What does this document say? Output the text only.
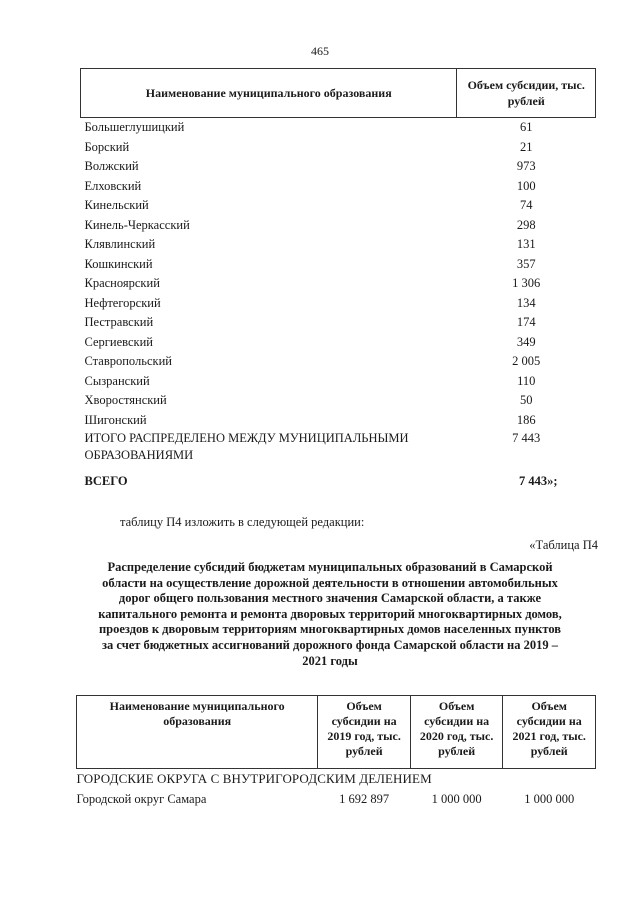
465
Наименование муниципального образования	Объем субсидии, тыс. рублей
Большеглушицкий	61
Борский	21
Волжский	973
Елховский	100
Кинельский	74
Кинель-Черкасский	298
Клявлинский	131
Кошкинский	357
Красноярский	1 306
Нефтегорский	134
Пестравский	174
Сергиевский	349
Ставропольский	2 005
Сызранский	110
Хворостянский	50
Шигонский	186
ИТОГО РАСПРЕДЕЛЕНО МЕЖДУ МУНИЦИПАЛЬНЫМИ ОБРАЗОВАНИЯМИ	7 443
ВСЕГО	7 443»;
таблицу П4 изложить в следующей редакции:
«Таблица П4
Распределение субсидий бюджетам муниципальных образований в Самарской области на осуществление дорожной деятельности в отношении автомобильных дорог общего пользования местного значения Самарской области, а также капитального ремонта и ремонта дворовых территорий многоквартирных домов, проездов к дворовым территориям многоквартирных домов населенных пунктов за счет бюджетных ассигнований дорожного фонда Самарской области на 2019 – 2021 годы
Наименование муниципального образования	Объем субсидии на 2019 год, тыс. рублей	Объем субсидии на 2020 год, тыс. рублей	Объем субсидии на 2021 год, тыс. рублей
ГОРОДСКИЕ ОКРУГА С ВНУТРИГОРОДСКИМ ДЕЛЕНИЕМ			
Городской округ Самара	1 692 897	1 000 000	1 000 000
